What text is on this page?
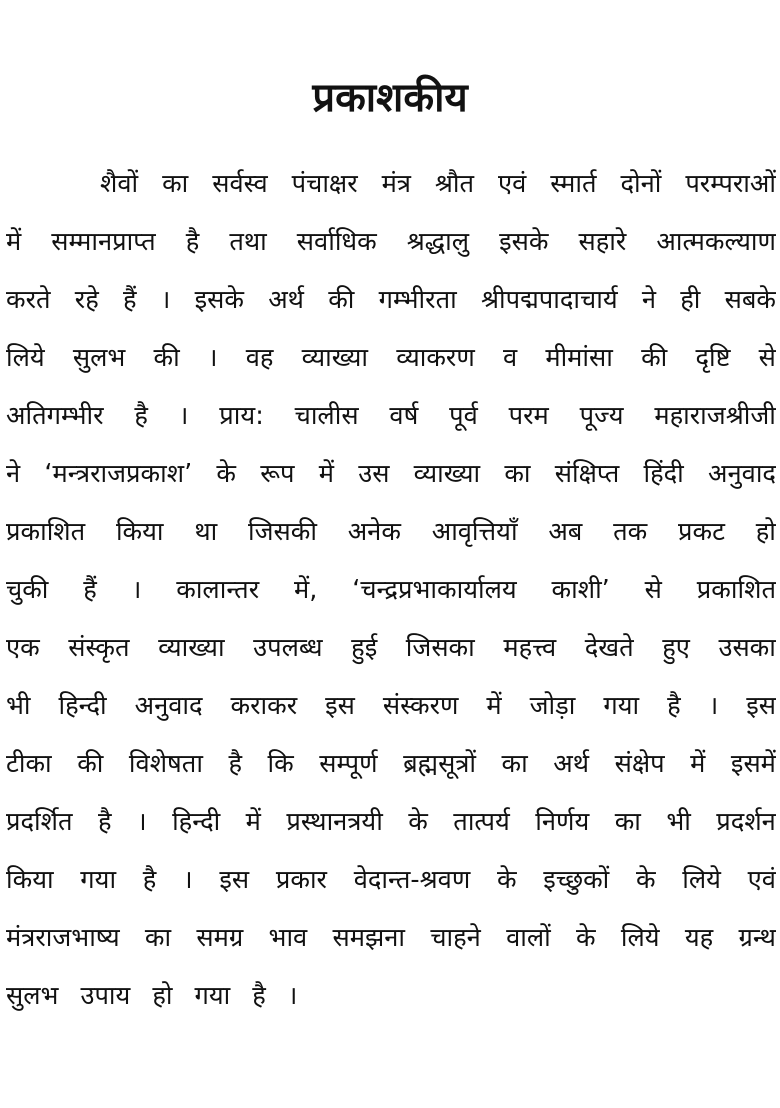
प्रकाशकीय
शैवों का सर्वस्व पंचाक्षर मंत्र श्रौत एवं स्मार्त दोनों परम्पराओं
में सम्मानप्राप्त है तथा सर्वाधिक श्रद्धालु इसके सहारे आत्मकल्याण
करते रहे हैं । इसके अर्थ की गम्भीरता श्रीपद्मपादाचार्य ने ही सबके
लिये सुलभ की । वह व्याख्या व्याकरण व मीमांसा की दृष्टि से
अतिगम्भीर है । प्राय: चालीस वर्ष पूर्व परम पूज्य महाराजश्रीजी
ने ‘मन्त्रराजप्रकाश’ के रूप में उस व्याख्या का संक्षिप्त हिंदी अनुवाद
प्रकाशित किया था जिसकी अनेक आवृत्तियाँ अब तक प्रकट हो
चुकी हैं । कालान्तर में, ‘चन्द्रप्रभाकार्यालय काशी’ से प्रकाशित
एक संस्कृत व्याख्या उपलब्ध हुई जिसका महत्त्व देखते हुए उसका
भी हिन्दी अनुवाद कराकर इस संस्करण में जोड़ा गया है । इस
टीका की विशेषता है कि सम्पूर्ण ब्रह्मसूत्रों का अर्थ संक्षेप में इसमें
प्रदर्शित है । हिन्दी में प्रस्थानत्रयी के तात्पर्य निर्णय का भी प्रदर्शन
किया गया है । इस प्रकार वेदान्त-श्रवण के इच्छुकों के लिये एवं
मंत्रराजभाष्य का समग्र भाव समझना चाहने वालों के लिये यह ग्रन्थ
सुलभ उपाय हो गया है ।
